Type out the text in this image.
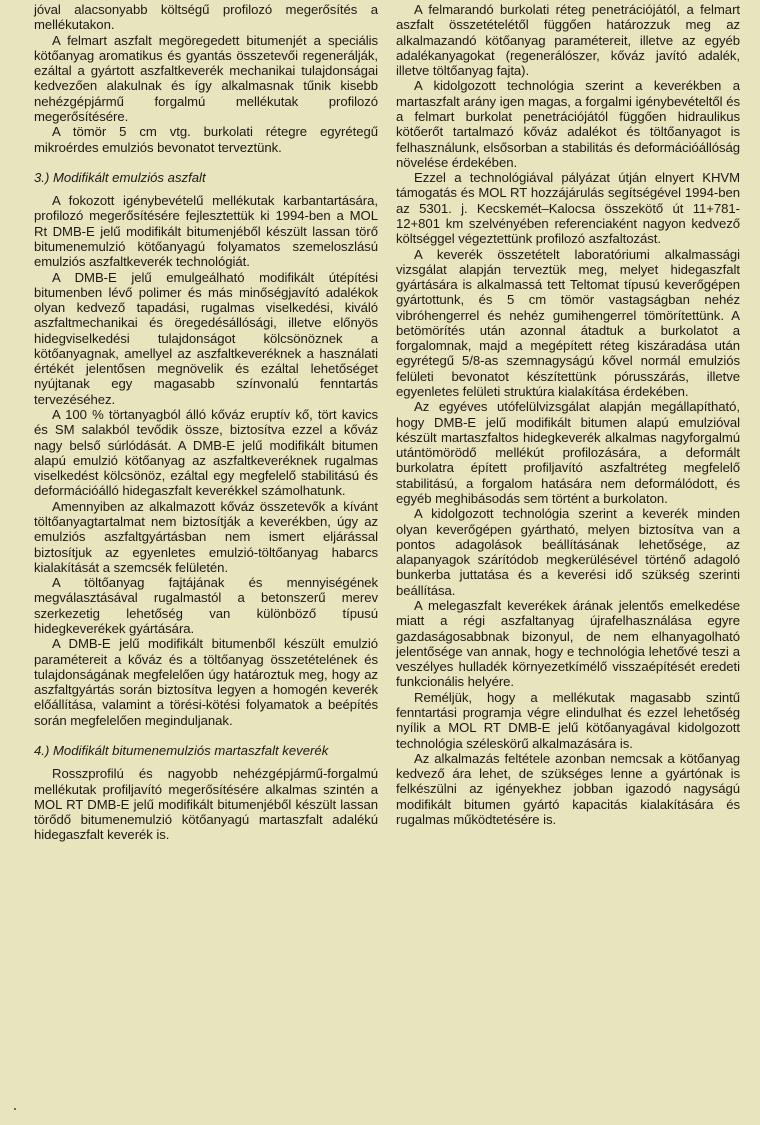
jóval alacsonyabb költségű profilozó megerősítés a mellékutakon.

A felmart aszfalt megöregedett bitumenjét a speciális kötőanyag aromatikus és gyantás összetevői regenerálják, ezáltal a gyártott aszfaltkeverék mechanikai tulajdonságai kedvezően alakulnak és így alkalmasnak tűnik kisebb nehézgépjármű forgalmú mellékutak profilozó megerősítésére.

A tömör 5 cm vtg. burkolati rétegre egyrétegű mikroérdes emulziós bevonatot terveztünk.

3.) Modifikált emulziós aszfalt

A fokozott igénybevételű mellékutak karbantartására, profilozó megerősítésére fejlesztettük ki 1994-ben a MOL Rt DMB-E jelű modifikált bitumenjéből készült lassan törő bitumenemulzió kötőanyagú folyamatos szemeloszlású emulziós aszfaltkeverék technológiát.

A DMB-E jelű emulgeálható modifikált útépítési bitumenben lévő polimer és más minőségjavító adalékok olyan kedvező tapadási, rugalmas viselkedési, kiváló aszfaltmechanikai és öregedésállósági, illetve előnyös hidegviselkedési tulajdonságot kölcsönöznek a kötőanyagnak, amellyel az aszfaltkeveréknek a használati értékét jelentősen megnövelik és ezáltal lehetőséget nyújtanak egy magasabb színvonalú fenntartás tervezéséhez.

A 100 % törtanyagból álló kőváz eruptív kő, tört kavics és SM salakból tevődik össze, biztosítva ezzel a kőváz nagy belső súrlódását. A DMB-E jelű modifikált bitumen alapú emulzió kötőanyag az aszfaltkeveréknek rugalmas viselkedést kölcsönöz, ezáltal egy megfelelő stabilitású és deformációálló hidegaszfalt keverékkel számolhatunk.

Amennyiben az alkalmazott kőváz összetevők a kívánt töltőanyagtartalmat nem biztosítják a keverékben, úgy az emulziós aszfaltgyártásban nem ismert eljárással biztosítjuk az egyenletes emulzió-töltőanyag habarcs kialakítását a szemcsék felületén.

A töltőanyag fajtájának és mennyiségének megválasztásával rugalmastól a betonszerű merev szerkezetig lehetőség van különböző típusú hidegkeverékek gyártására.

A DMB-E jelű modifikált bitumenből készült emulzió paramétereit a kőváz és a töltőanyag összetételének és tulajdonságának megfelelően úgy határoztuk meg, hogy az aszfaltgyártás során biztosítva legyen a homogén keverék előállítása, valamint a törési-kötési folyamatok a beépítés során megfelelően meginduljanak.

4.) Modifikált bitumenemulziós martaszfalt keverék

Rosszprofilú és nagyobb nehézgépjármű-forgalmú mellékutak profiljavító megerősítésére alkalmas szintén a MOL RT DMB-E jelű modifikált bitumenjéből készült lassan törődő bitumenemulzió kötőanyagú martaszfalt adalékú hidegaszfalt keverék is.

A felmarandó burkolati réteg penetrációjától, a felmart aszfalt összetételétől függően határozzuk meg az alkalmazandó kötőanyag paramétereit, illetve az egyéb adalékanyagokat (regenerálószer, kőváz javító adalék, illetve töltőanyag fajta).

A kidolgozott technológia szerint a keverékben a martaszfalt arány igen magas, a forgalmi igénybevételtől és a felmart burkolat penetrációjától függően hidraulikus kötőerőt tartalmazó kőváz adalékot és töltőanyagot is felhasználunk, elsősorban a stabilitás és deformációállóság növelése érdekében.

Ezzel a technológiával pályázat útján elnyert KHVM támogatás és MOL RT hozzájárulás segítségével 1994-ben az 5301. j. Kecskemét–Kalocsa összekötő út 11+781-12+801 km szelvényében referenciaként nagyon kedvező költséggel végeztettünk profilozó aszfaltozást.

A keverék összetételt laboratóriumi alkalmassági vizsgálat alapján terveztük meg, melyet hidegaszfalt gyártására is alkalmassá tett Teltomat típusú keverőgépen gyártottunk, és 5 cm tömör vastagságban nehéz vibróhengerrel és nehéz gumihengerrel tömörítettünk. A betömörítés után azonnal átadtuk a burkolatot a forgalomnak, majd a megépített réteg kiszáradása után egyrétegű 5/8-as szemnagyságú kővel normál emulziós felületi bevonatot készítettünk pórusszárás, illetve egyenletes felületi struktúra kialakítása érdekében.

Az egyéves utófelülvizsgálat alapján megállapítható, hogy DMB-E jelű modifikált bitumen alapú emulzióval készült martaszfaltos hidegkeverék alkalmas nagyforgalmú utántömörödő mellékút profilozására, a deformált burkolatra épített profiljavító aszfaltréteg megfelelő stabilitású, a forgalom hatására nem deformálódott, és egyéb meghibásodás sem történt a burkolaton.

A kidolgozott technológia szerint a keverék minden olyan keverőgépen gyártható, melyen biztosítva van a pontos adagolások beállításának lehetősége, az alapanyagok szárítódob megkerülésével történő adagoló bunkerba juttatása és a keverési idő szükség szerinti beállítása.

A melegaszfalt keverékek árának jelentős emelkedése miatt a régi aszfaltanyag újrafelhasználása egyre gazdaságosabbnak bizonyul, de nem elhanyagolható jelentősége van annak, hogy e technológia lehetővé teszi a veszélyes hulladék környezetkímélő visszaépítését eredeti funkcionális helyére.

Reméljük, hogy a mellékutak magasabb szintű fenntartási programja végre elindulhat és ezzel lehetőség nyílik a MOL RT DMB-E jelű kötőanyagával kidolgozott technológia széleskörű alkalmazására is.

Az alkalmazás feltétele azonban nemcsak a kötőanyag kedvező ára lehet, de szükséges lenne a gyártónak is felkészülni az igényekhez jobban igazodó nagyságú modifikált bitumen gyártó kapacitás kialakítására és rugalmas működtetésére is.
